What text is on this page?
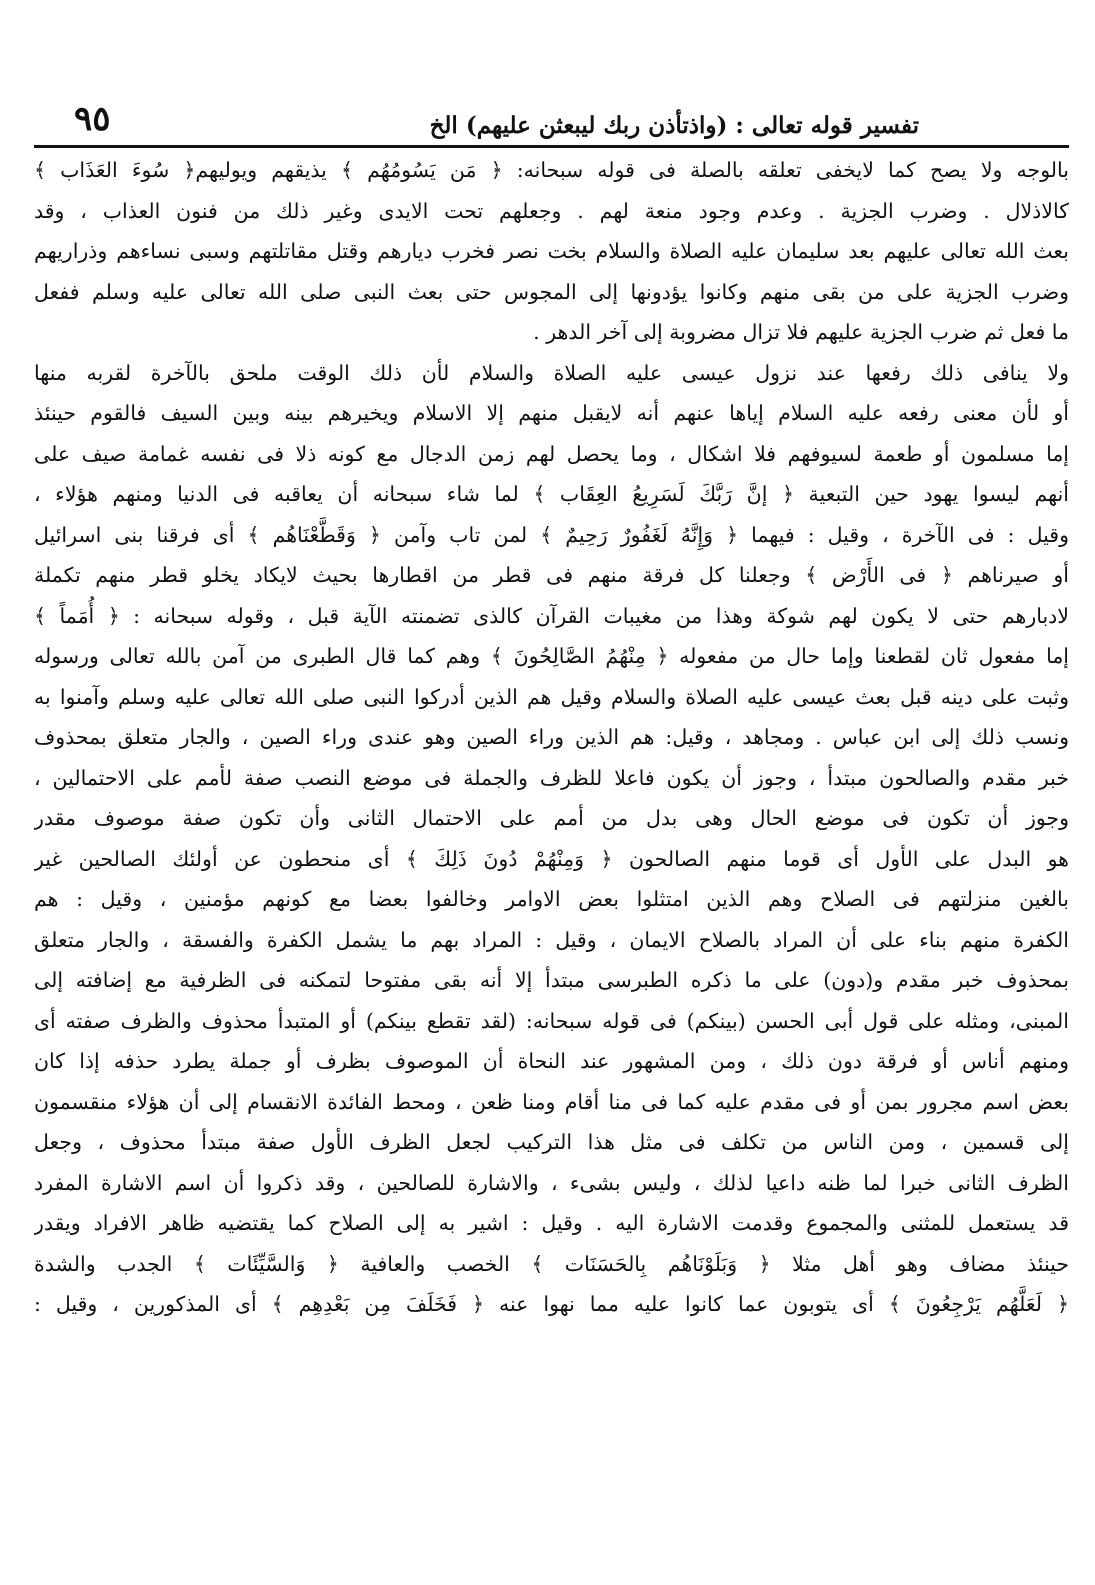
تفسير قوله تعالى : (واذتأذن ربك ليبعثن عليهم) الخ
٩٥
بالوجه ولا يصح كما لايخفى تعلقه بالصلة فى قوله سبحانه: ﴿ مَن يَسُومُهُم ﴾ يذيقهم ويوليهم﴿ سُوءَ العَذَاب ﴾
كالاذلال . وضرب الجزية . وعدم وجود منعة لهم . وجعلهم تحت الايدى وغير ذلك من فنون العذاب ، وقد
بعث الله تعالى عليهم بعد سليمان عليه الصلاة والسلام بخت نصر فخرب ديارهم وقتل مقاتلتهم وسبى نساءهم وذراريهم
وضرب الجزية على من بقى منهم وكانوا يؤدونها إلى المجوس حتى بعث النبى صلى الله تعالى عليه وسلم ففعل
ما فعل ثم ضرب الجزية عليهم فلا تزال مضروبة إلى آخر الدهر .
ولا ينافى ذلك رفعها عند نزول عيسى عليه الصلاة والسلام لأن ذلك الوقت ملحق بالآخرة لقربه منها
أو لأن معنى رفعه عليه السلام إياها عنهم أنه لايقبل منهم إلا الاسلام ويخيرهم بينه وبين السيف فالقوم حينئذ
إما مسلمون أو طعمة لسيوفهم فلا اشكال ، وما يحصل لهم زمن الدجال مع كونه ذلا فى نفسه غمامة صيف على
أنهم ليسوا يهود حين التبعية ﴿ إنَّ رَبَّكَ لَسَرِيعُ العِقَاب ﴾ لما شاء سبحانه أن يعاقبه فى الدنيا ومنهم هؤلاء ،
وقيل : فى الآخرة ، وقيل : فيهما ﴿ وَإِنَّهُ لَغَفُورٌ رَحِيمٌ ﴾ لمن تاب وآمن ﴿ وَقَطَّعْنَاهُم ﴾ أى فرقنا بنى اسرائيل
أو صيرناهم ﴿ فى الأَرْض ﴾ وجعلنا كل فرقة منهم فى قطر من اقطارها بحيث لايكاد يخلو قطر منهم تكملة
لادبارهم حتى لا يكون لهم شوكة وهذا من مغيبات القرآن كالذى تضمنته الآية قبل ، وقوله سبحانه : ﴿ أُمَماً ﴾
إما مفعول ثان لقطعنا وإما حال من مفعوله ﴿ مِنْهُمُ الصَّالِحُونَ ﴾ وهم كما قال الطبرى من آمن بالله تعالى ورسوله
وثبت على دينه قبل بعث عيسى عليه الصلاة والسلام وقيل هم الذين أدركوا النبى صلى الله تعالى عليه وسلم وآمنوا به
ونسب ذلك إلى ابن عباس . ومجاهد ، وقيل: هم الذين وراء الصين وهو عندى وراء الصين ، والجار متعلق بمحذوف
خبر مقدم والصالحون مبتدأ ، وجوز أن يكون فاعلا للظرف والجملة فى موضع النصب صفة لأمم على الاحتمالين ،
وجوز أن تكون فى موضع الحال وهى بدل من أمم على الاحتمال الثانى وأن تكون صفة موصوف مقدر
هو البدل على الأول أى قوما منهم الصالحون ﴿ وَمِنْهُمْ دُونَ ذَلِكَ ﴾ أى منحطون عن أولئك الصالحين غير
بالغين منزلتهم فى الصلاح وهم الذين امتثلوا بعض الاوامر وخالفوا بعضا مع كونهم مؤمنين ، وقيل : هم
الكفرة منهم بناء على أن المراد بالصلاح الايمان ، وقيل : المراد بهم ما يشمل الكفرة والفسقة ، والجار متعلق
بمحذوف خبر مقدم و(دون) على ما ذكره الطبرسى مبتدأ إلا أنه بقى مفتوحا لتمكنه فى الظرفية مع إضافته إلى
المبنى، ومثله على قول أبى الحسن (بينكم) فى قوله سبحانه: (لقد تقطع بينكم) أو المتبدأ محذوف والظرف صفته أى
ومنهم أناس أو فرقة دون ذلك ، ومن المشهور عند النحاة أن الموصوف بظرف أو جملة يطرد حذفه إذا كان
بعض اسم مجرور بمن أو فى مقدم عليه كما فى منا أقام ومنا ظعن ، ومحط الفائدة الانقسام إلى أن هؤلاء منقسمون
إلى قسمين ، ومن الناس من تكلف فى مثل هذا التركيب لجعل الظرف الأول صفة مبتدأ محذوف ، وجعل
الظرف الثانى خبرا لما ظنه داعيا لذلك ، وليس بشىء ، والاشارة للصالحين ، وقد ذكروا أن اسم الاشارة المفرد
قد يستعمل للمثنى والمجموع وقدمت الاشارة اليه . وقيل : اشير به إلى الصلاح كما يقتضيه ظاهر الافراد ويقدر
حينئذ مضاف وهو أهل مثلا ﴿ وَبَلَوْنَاهُم بِالحَسَنَات ﴾ الخصب والعافية ﴿ وَالسَّيِّئَات ﴾ الجدب والشدة
﴿ لَعَلَّهُم يَرْجِعُونَ ﴾ أى يتوبون عما كانوا عليه مما نهوا عنه ﴿ فَخَلَفَ مِن بَعْدِهِم ﴾ أى المذكورين ، وقيل :
